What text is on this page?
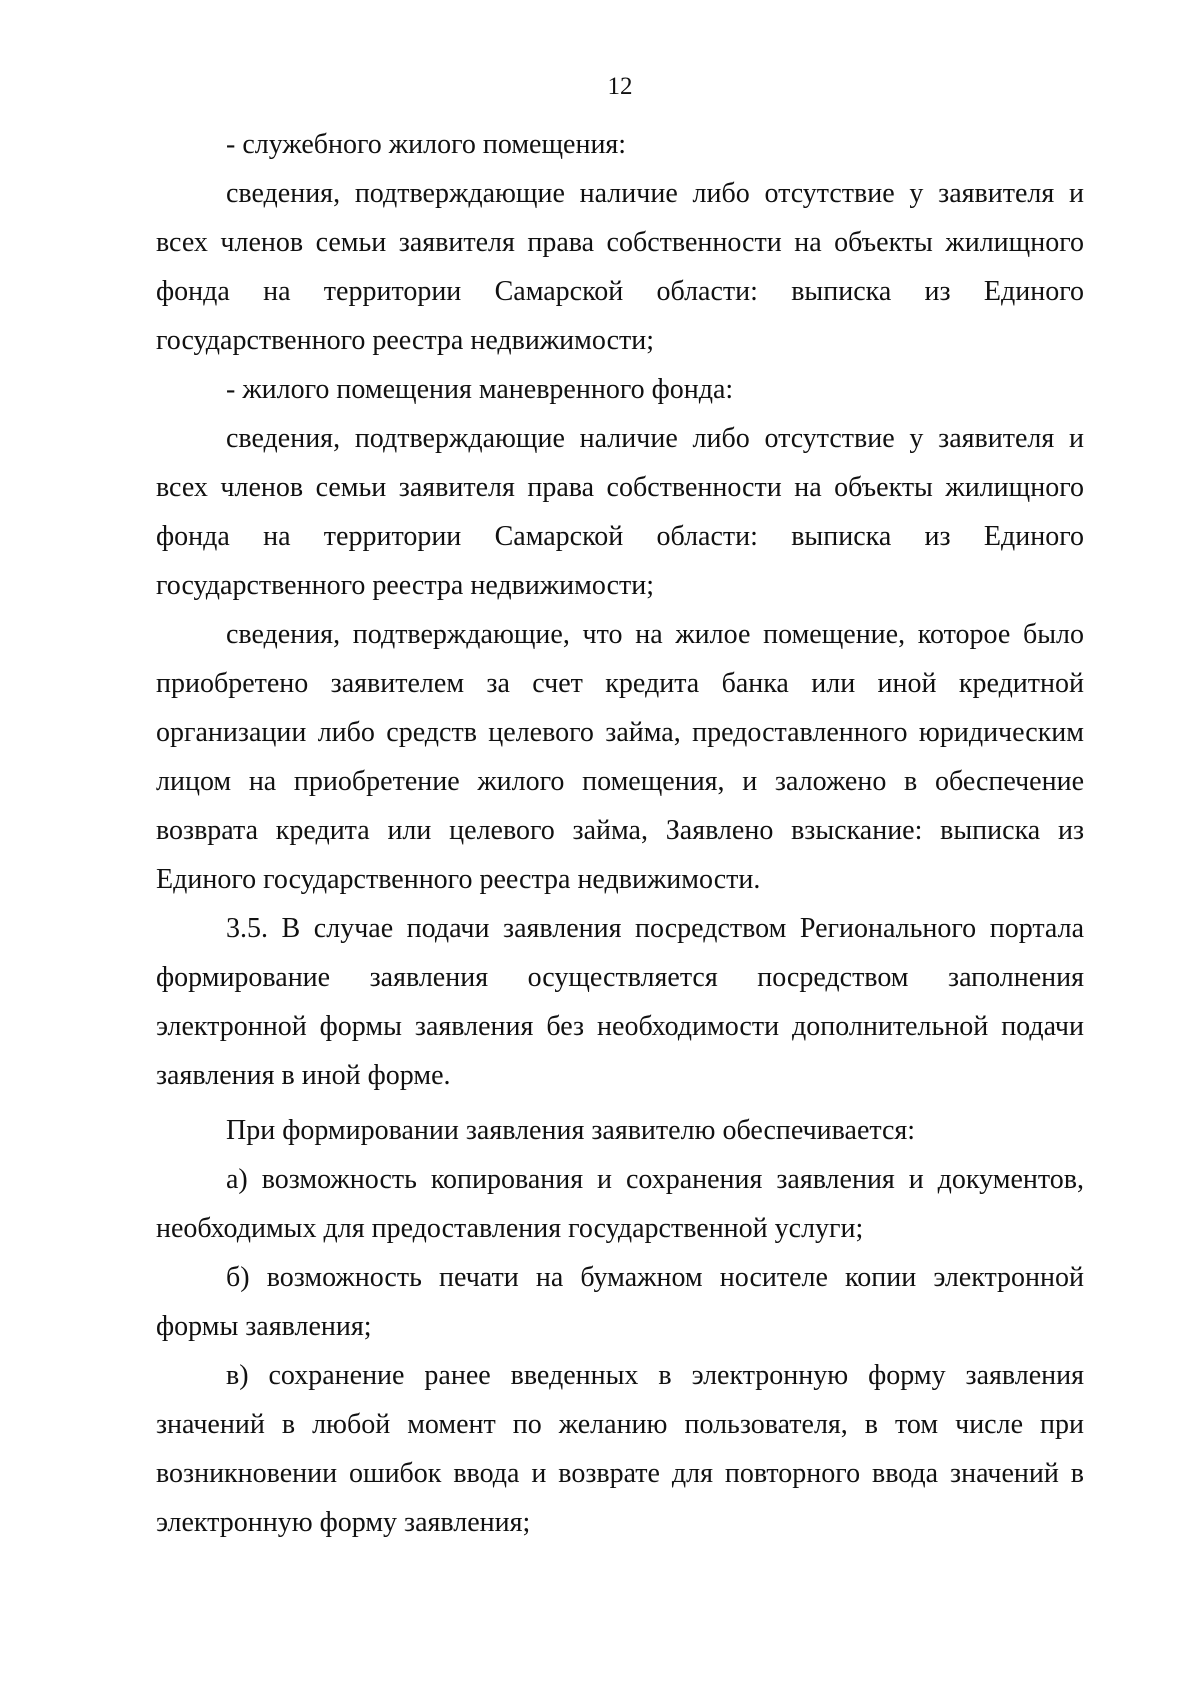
12

- служебного жилого помещения:

сведения, подтверждающие наличие либо отсутствие у заявителя и всех членов семьи заявителя права собственности на объекты жилищного фонда на территории Самарской области: выписка из Единого государственного реестра недвижимости;

- жилого помещения маневренного фонда:

сведения, подтверждающие наличие либо отсутствие у заявителя и всех членов семьи заявителя права собственности на объекты жилищного фонда на территории Самарской области: выписка из Единого государственного реестра недвижимости;

сведения, подтверждающие, что на жилое помещение, которое было приобретено заявителем за счет кредита банка или иной кредитной организации либо средств целевого займа, предоставленного юридическим лицом на приобретение жилого помещения, и заложено в обеспечение возврата кредита или целевого займа, Заявлено взыскание: выписка из Единого государственного реестра недвижимости.

3.5. В случае подачи заявления посредством Регионального портала формирование заявления осуществляется посредством заполнения электронной формы заявления без необходимости дополнительной подачи заявления в иной форме.

При формировании заявления заявителю обеспечивается:

а) возможность копирования и сохранения заявления и документов, необходимых для предоставления государственной услуги;

б) возможность печати на бумажном носителе копии электронной формы заявления;

в) сохранение ранее введенных в электронную форму заявления значений в любой момент по желанию пользователя, в том числе при возникновении ошибок ввода и возврате для повторного ввода значений в электронную форму заявления;
